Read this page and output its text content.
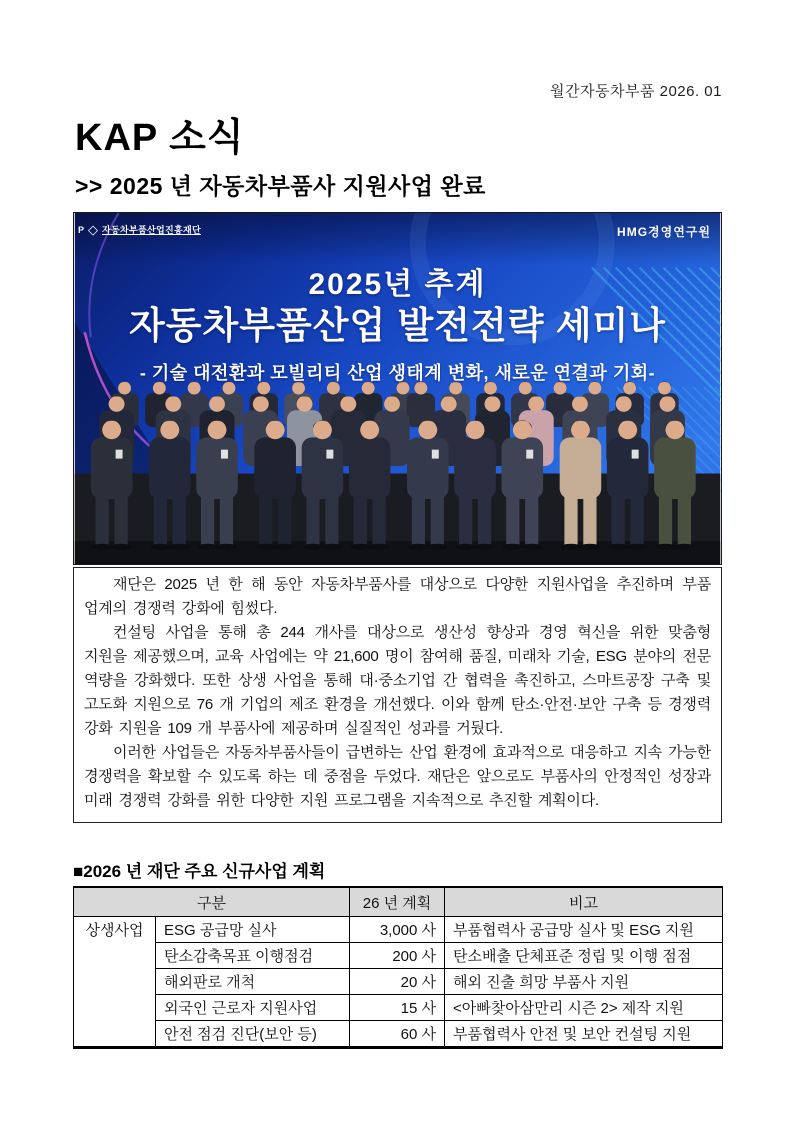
월간자동차부품 2026. 01
KAP 소식
>> 2025 년 자동차부품사 지원사업 완료
P ◇ 자동차부품산업진흥재단	HMG경영연구원
2025년 추계
자동차부품산업 발전전략 세미나
- 기술 대전환과 모빌리티 산업 생태계 변화, 새로운 연결과 기회-

재단은 2025 년 한 해 동안 자동차부품사를 대상으로 다양한 지원사업을 추진하며 부품 업계의 경쟁력 강화에 힘썼다.

컨설팅 사업을 통해 총 244 개사를 대상으로 생산성 향상과 경영 혁신을 위한 맞춤형 지원을 제공했으며, 교육 사업에는 약 21,600 명이 참여해 품질, 미래차 기술, ESG 분야의 전문 역량을 강화했다. 또한 상생 사업을 통해 대·중소기업 간 협력을 촉진하고, 스마트공장 구축 및 고도화 지원으로 76 개 기업의 제조 환경을 개선했다. 이와 함께 탄소·안전·보안 구축 등 경쟁력 강화 지원을 109 개 부품사에 제공하며 실질적인 성과를 거뒀다.

이러한 사업들은 자동차부품사들이 급변하는 산업 환경에 효과적으로 대응하고 지속 가능한 경쟁력을 확보할 수 있도록 하는 데 중점을 두었다. 재단은 앞으로도 부품사의 안정적인 성장과 미래 경쟁력 강화를 위한 다양한 지원 프로그램을 지속적으로 추진할 계획이다.

■2026 년 재단 주요 신규사업 계획
구분		26 년 계획	비고
상생사업	ESG 공급망 실사	3,000 사	부품협력사 공급망 실사 및 ESG 지원
	탄소감축목표 이행점검	200 사	탄소배출 단체표준 정립 및 이행 점점
	해외판로 개척	20 사	해외 진출 희망 부품사 지원
	외국인 근로자 지원사업	15 사	<아빠찾아삼만리 시즌 2> 제작 지원
	안전 점검 진단(보안 등)	60 사	부품협력사 안전 및 보안 컨설팅 지원
